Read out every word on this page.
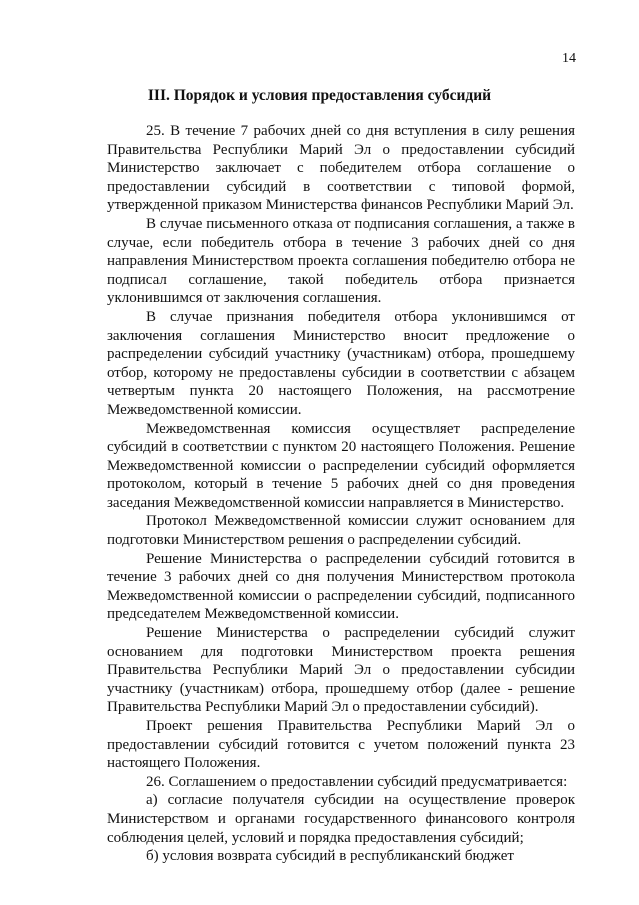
14
III. Порядок и условия предоставления субсидий

25. В течение 7 рабочих дней со дня вступления в силу решения Правительства Республики Марий Эл о предоставлении субсидий Министерство заключает с победителем отбора соглашение о предоставлении субсидий в соответствии с типовой формой, утвержденной приказом Министерства финансов Республики Марий Эл.

В случае письменного отказа от подписания соглашения, а также в случае, если победитель отбора в течение 3 рабочих дней со дня направления Министерством проекта соглашения победителю отбора не подписал соглашение, такой победитель отбора признается уклонившимся от заключения соглашения.

В случае признания победителя отбора уклонившимся от заключения соглашения Министерство вносит предложение о распределении субсидий участнику (участникам) отбора, прошедшему отбор, которому не предоставлены субсидии в соответствии с абзацем четвертым пункта 20 настоящего Положения, на рассмотрение Межведомственной комиссии.

Межведомственная комиссия осуществляет распределение субсидий в соответствии с пунктом 20 настоящего Положения. Решение Межведомственной комиссии о распределении субсидий оформляется протоколом, который в течение 5 рабочих дней со дня проведения заседания Межведомственной комиссии направляется в Министерство.

Протокол Межведомственной комиссии служит основанием для подготовки Министерством решения о распределении субсидий.

Решение Министерства о распределении субсидий готовится в течение 3 рабочих дней со дня получения Министерством протокола Межведомственной комиссии о распределении субсидий, подписанного председателем Межведомственной комиссии.

Решение Министерства о распределении субсидий служит основанием для подготовки Министерством проекта решения Правительства Республики Марий Эл о предоставлении субсидии участнику (участникам) отбора, прошедшему отбор (далее - решение Правительства Республики Марий Эл о предоставлении субсидий).

Проект решения Правительства Республики Марий Эл о предоставлении субсидий готовится с учетом положений пункта 23 настоящего Положения.

26. Соглашением о предоставлении субсидий предусматривается:

а) согласие получателя субсидии на осуществление проверок Министерством и органами государственного финансового контроля соблюдения целей, условий и порядка предоставления субсидий;

б) условия возврата субсидий в республиканский бюджет
